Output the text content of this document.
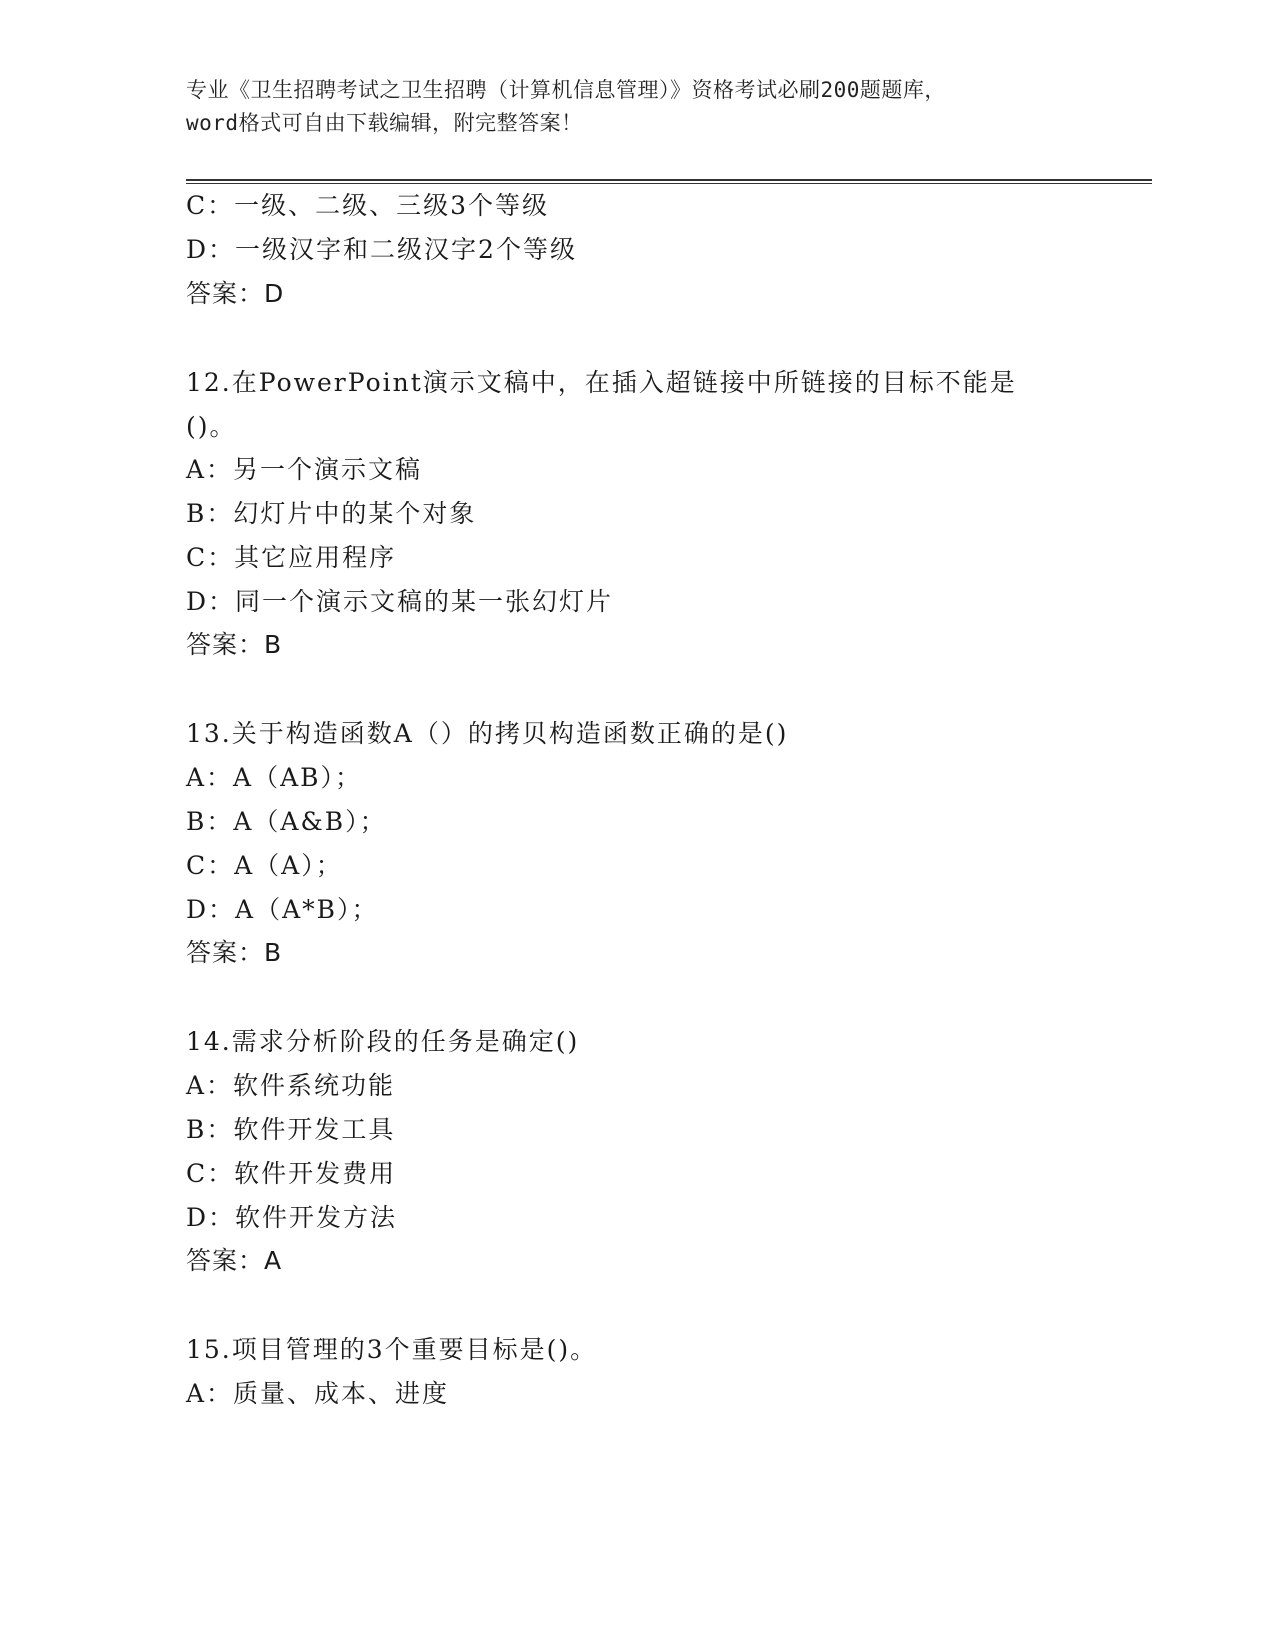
专业《卫生招聘考试之卫生招聘（计算机信息管理）》资格考试必刷200题题库，
word格式可自由下载编辑，附完整答案！
C：一级、二级、三级3个等级
D：一级汉字和二级汉字2个等级
答案：D
12.在PowerPoint演示文稿中，在插入超链接中所链接的目标不能是
()。
A：另一个演示文稿
B：幻灯片中的某个对象
C：其它应用程序
D：同一个演示文稿的某一张幻灯片
答案：B
13.关于构造函数A（）的拷贝构造函数正确的是()
A：A（AB）；
B：A（A&B）；
C：A（A）；
D：A（A*B）；
答案：B
14.需求分析阶段的任务是确定()
A：软件系统功能
B：软件开发工具
C：软件开发费用
D：软件开发方法
答案：A
15.项目管理的3个重要目标是()。
A：质量、成本、进度
